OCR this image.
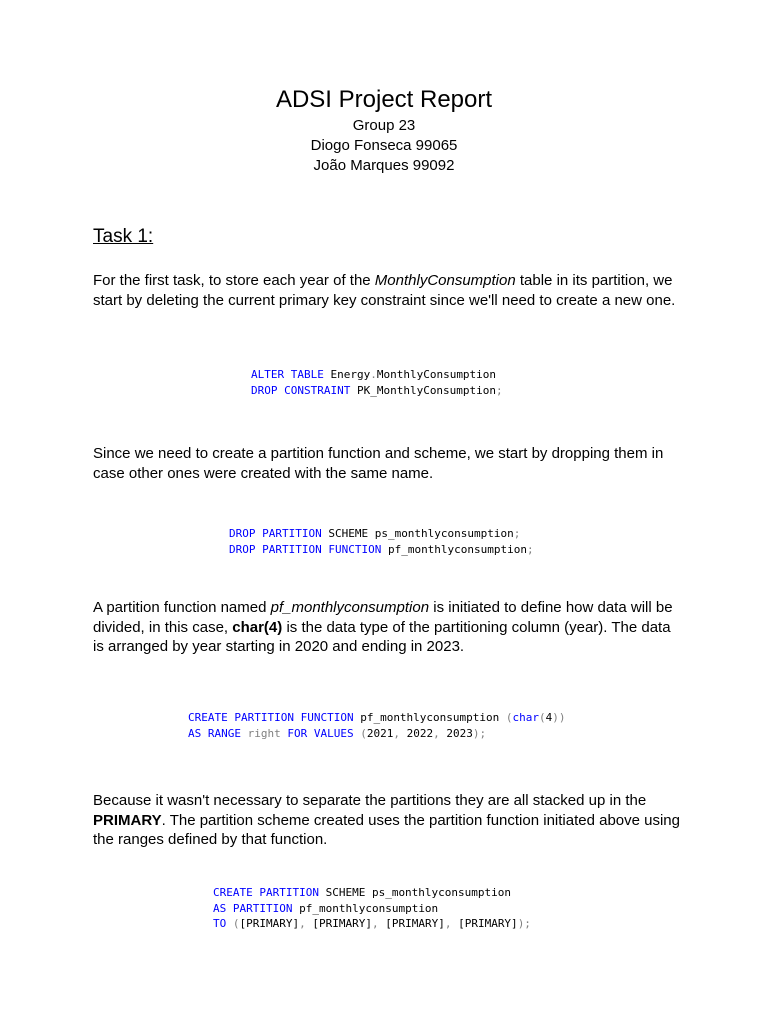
ADSI Project Report
Group 23
Diogo Fonseca 99065
João Marques 99092
Task 1:
For the first task, to store each year of the MonthlyConsumption table in its partition, we start by deleting the current primary key constraint since we'll need to create a new one.
ALTER TABLE Energy.MonthlyConsumption
DROP CONSTRAINT PK_MonthlyConsumption;
Since we need to create a partition function and scheme, we start by dropping them in case other ones were created with the same name.
DROP PARTITION SCHEME ps_monthlyconsumption;
DROP PARTITION FUNCTION pf_monthlyconsumption;
A partition function named pf_monthlyconsumption is initiated to define how data will be divided, in this case, char(4) is the data type of the partitioning column (year). The data is arranged by year starting in 2020 and ending in 2023.
CREATE PARTITION FUNCTION pf_monthlyconsumption (char(4))
AS RANGE right FOR VALUES (2021, 2022, 2023);
Because it wasn't necessary to separate the partitions they are all stacked up in the PRIMARY. The partition scheme created uses the partition function initiated above using the ranges defined by that function.
CREATE PARTITION SCHEME ps_monthlyconsumption
AS PARTITION pf_monthlyconsumption
TO ([PRIMARY], [PRIMARY], [PRIMARY], [PRIMARY]);
